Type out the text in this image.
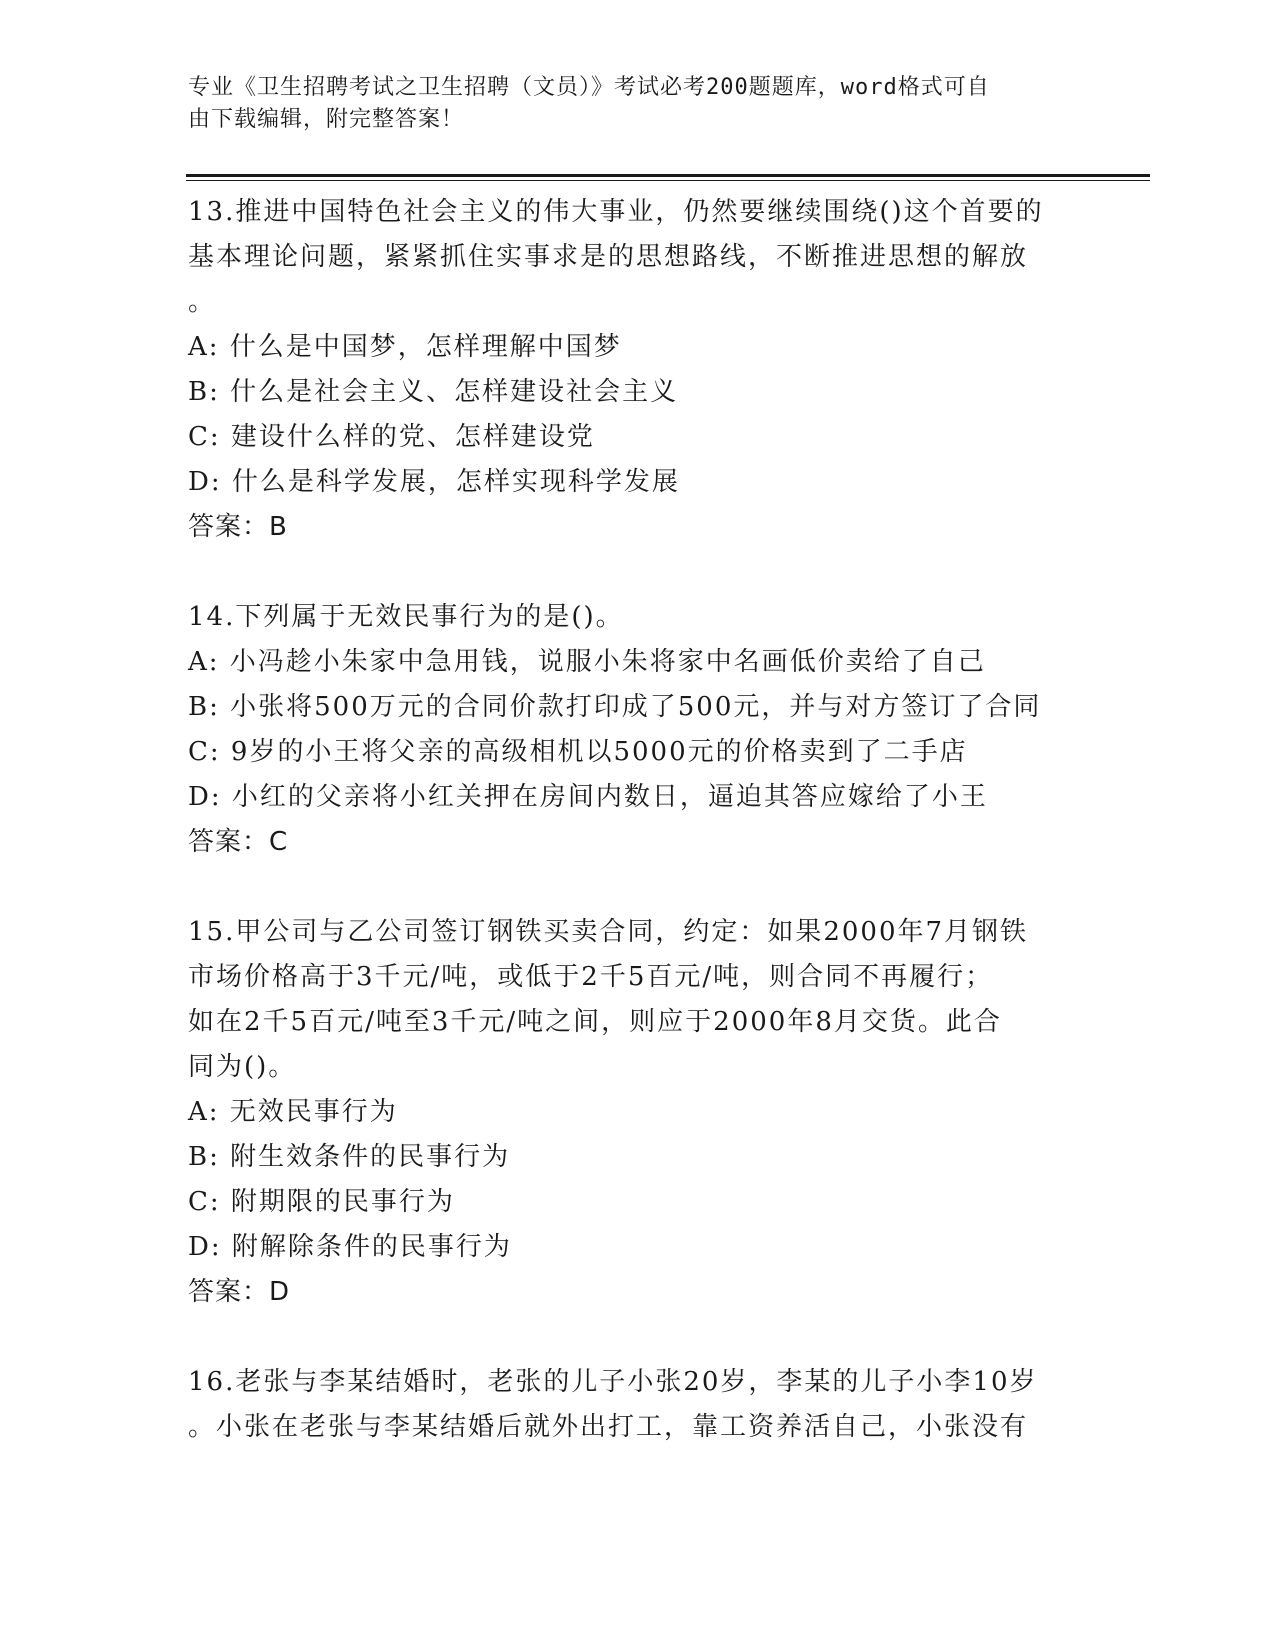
专业《卫生招聘考试之卫生招聘（文员）》考试必考200题题库，word格式可自
由下载编辑，附完整答案！

13.推进中国特色社会主义的伟大事业，仍然要继续围绕()这个首要的

基本理论问题，紧紧抓住实事求是的思想路线，不断推进思想的解放

。

A: 什么是中国梦，怎样理解中国梦

B: 什么是社会主义、怎样建设社会主义

C: 建设什么样的党、怎样建设党

D: 什么是科学发展，怎样实现科学发展

答案：B

14.下列属于无效民事行为的是()。

A: 小冯趁小朱家中急用钱，说服小朱将家中名画低价卖给了自己

B: 小张将500万元的合同价款打印成了500元，并与对方签订了合同

C: 9岁的小王将父亲的高级相机以5000元的价格卖到了二手店

D: 小红的父亲将小红关押在房间内数日，逼迫其答应嫁给了小王

答案：C

15.甲公司与乙公司签订钢铁买卖合同，约定：如果2000年7月钢铁

市场价格高于3千元/吨，或低于2千5百元/吨，则合同不再履行；

如在2千5百元/吨至3千元/吨之间，则应于2000年8月交货。此合

同为()。

A: 无效民事行为

B: 附生效条件的民事行为

C: 附期限的民事行为

D: 附解除条件的民事行为

答案：D

16.老张与李某结婚时，老张的儿子小张20岁，李某的儿子小李10岁

。小张在老张与李某结婚后就外出打工，靠工资养活自己，小张没有
